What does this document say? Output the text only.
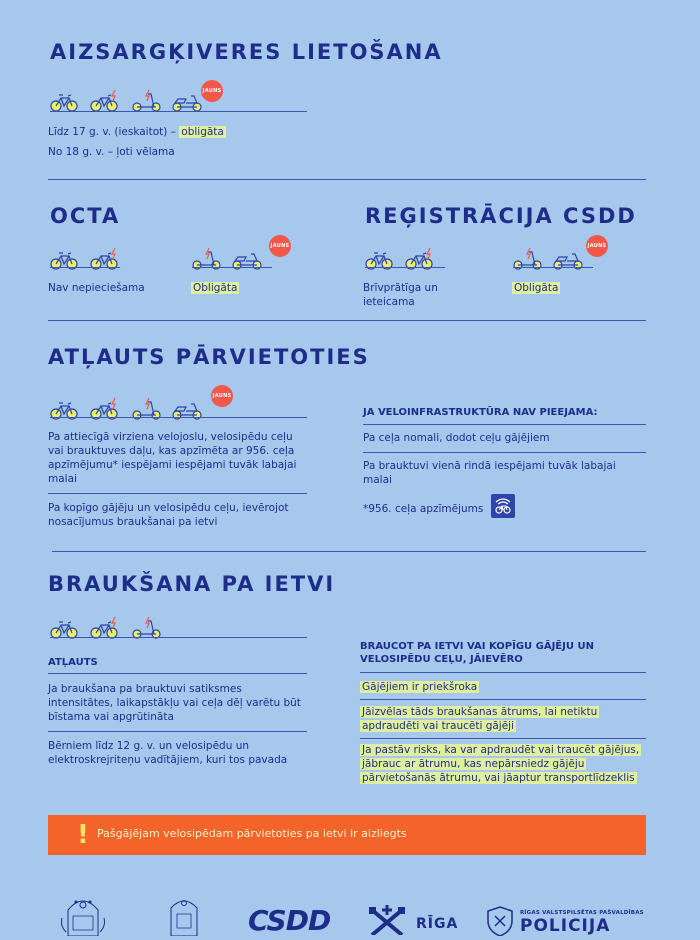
AIZSARGĶIVERES LIETOŠANA
JAUNS
Līdz 17 g. v. (ieskaitot) – obligāta
No 18 g. v. – ļoti vēlama
OCTA
JAUNS
Nav nepieciešama	Obligāta
REĢISTRĀCIJA CSDD
JAUNS
Brīvprātīga un ieteicama
Obligāta
ATĻAUTS PĀRVIETOTIES
JAUNS
Pa attiecīgā virziena velojoslu, velosipēdu ceļu vai brauktuves daļu, kas apzīmēta ar 956. ceļa apzīmējumu* iespējami iespējami tuvāk labajai malai
Pa kopīgo gājēju un velosipēdu ceļu, ievērojot nosacījumus braukšanai pa ietvi
JA VELOINFRASTRUKTŪRA NAV PIEEJAMA:
Pa ceļa nomali, dodot ceļu gājējiem
Pa brauktuvi vienā rindā iespējami tuvāk labajai malai
*956. ceļa apzīmējums
BRAUKŠANA PA IETVI
ATĻAUTS
Ja braukšana pa brauktuvi satiksmes intensitātes, laikapstākļu vai ceļa dēļ varētu būt bīstama vai apgrūtināta
Bērniem līdz 12 g. v. un velosipēdu un elektroskrejriteņu vadītājiem, kuri tos pavada
BRAUCOT PA IETVI VAI KOPĪGU GĀJĒJU UN VELOSIPĒDU CEĻU, JĀIEVĒRO
Gājējiem ir priekšroka
Jāizvēlas tāds braukšanas ātrums, lai netiktu apdraudēti vai traucēti gājēji
Ja pastāv risks, ka var apdraudēt vai traucēt gājējus, jābrauc ar ātrumu, kas nepārsniedz gājēju pārvietošanās ātrumu, vai jāaptur transportlīdzeklis
! Pašgājējam velosipēdam pārvietoties pa ietvi ir aizliegts
CSDD	RĪGA
RĪGAS VALSTSPILSĒTAS PAŠVALDĪBAS
POLICIJA
